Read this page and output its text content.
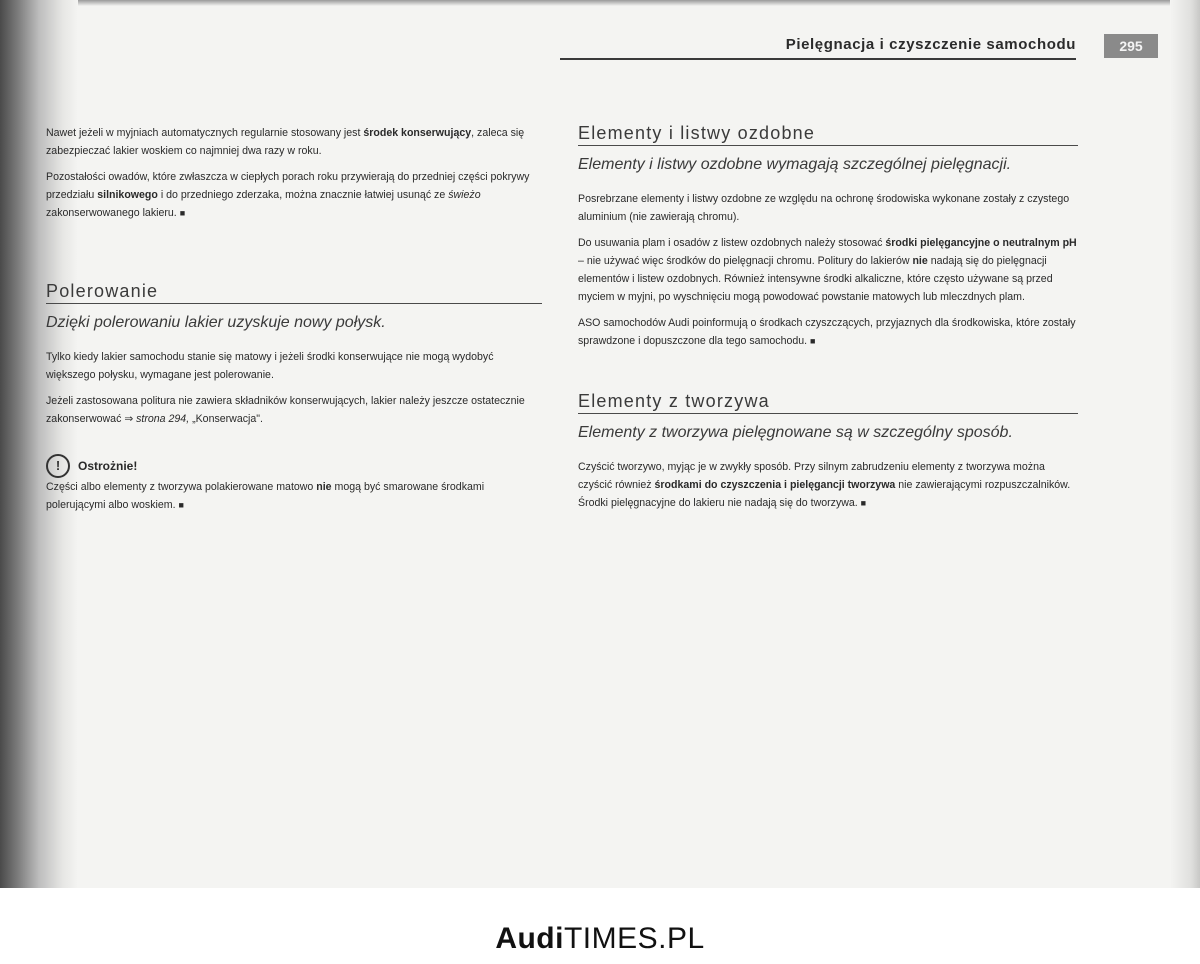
Pielęgnacja i czyszczenie samochodu	295

Nawet jeżeli w myjniach automatycznych regularnie stosowany jest środek konserwujący, zaleca się zabezpieczać lakier woskiem co najmniej dwa razy w roku.

Pozostałości owadów, które zwłaszcza w ciepłych porach roku przywierają do przedniej części pokrywy przedziału silnikowego i do przedniego zderzaka, można znacznie łatwiej usunąć ze świeżo zakonserwowanego lakieru. ■

Polerowanie
Dzięki polerowaniu lakier uzyskuje nowy połysk.

Tylko kiedy lakier samochodu stanie się matowy i jeżeli środki konserwujące nie mogą wydobyć większego połysku, wymagane jest polerowanie.

Jeżeli zastosowana politura nie zawiera składników konserwujących, lakier należy jeszcze ostatecznie zakonserwować ⇒ strona 294, „Konserwacja".

!	Ostrożnie!

Części albo elementy z tworzywa polakierowane matowo nie mogą być smarowane środkami polerującymi albo woskiem. ■

Elementy i listwy ozdobne
Elementy i listwy ozdobne wymagają szczególnej pielęgnacji.

Posrebrzane elementy i listwy ozdobne ze względu na ochronę środowiska wykonane zostały z czystego aluminium (nie zawierają chromu).

Do usuwania plam i osadów z listew ozdobnych należy stosować środki pielęgancyjne o neutralnym pH – nie używać więc środków do pielęgnacji chromu. Politury do lakierów nie nadają się do pielęgnacji elementów i listew ozdobnych. Również intensywne środki alkaliczne, które często używane są przed myciem w myjni, po wyschnięciu mogą powodować powstanie matowych lub mleczdnych plam.

ASO samochodów Audi poinformują o środkach czyszczących, przyjaznych dla środkowiska, które zostały sprawdzone i dopuszczone dla tego samochodu. ■

Elementy z tworzywa
Elementy z tworzywa pielęgnowane są w szczególny sposób.

Czyścić tworzywo, myjąc je w zwykły sposób. Przy silnym zabrudzeniu elementy z tworzywa można czyścić również środkami do czyszczenia i pielęgancji tworzywa nie zawierającymi rozpuszczalników. Środki pielęgnacyjne do lakieru nie nadają się do tworzywa. ■

AudiTIMES.PL
